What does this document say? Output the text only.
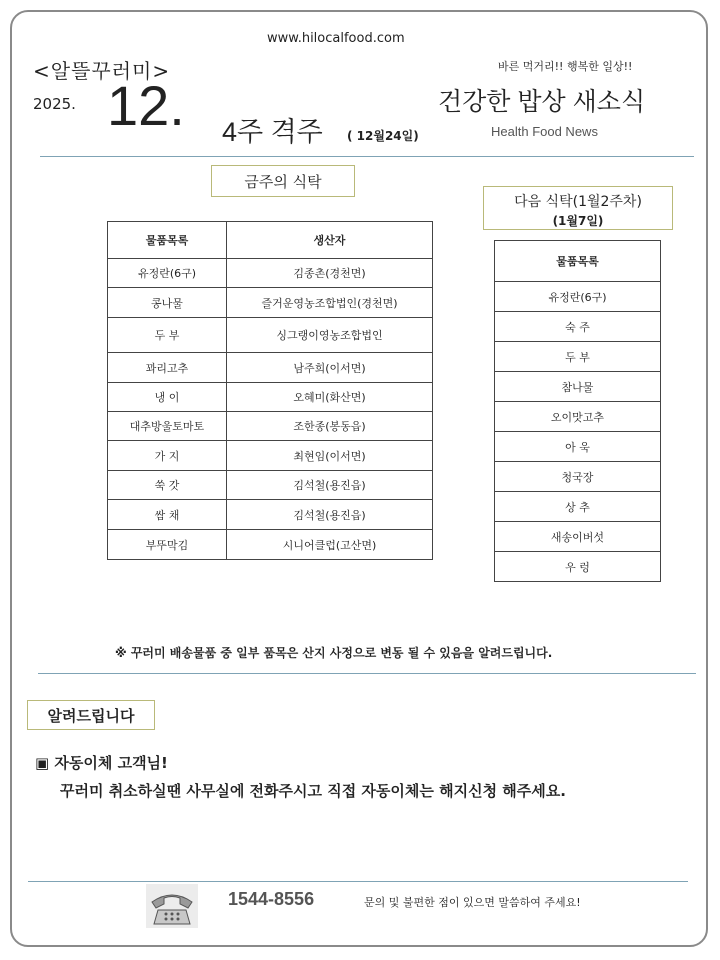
www.hilocalfood.com
<알뜰꾸러미>
2025. 12. 4주 격주 ( 12월24일)
바른 먹거리!! 행복한 일상!!
건강한 밥상 새소식
Health Food News
금주의 식탁
물품목록	생산자
유정란(6구)	김종촌(경천면)
콩나물	즐거운영농조합법인(경천면)
두 부	싱그랭이영농조합법인
꽈리고추	남주희(이서면)
냉 이	오혜미(화산면)
대추방울토마토	조한종(봉동읍)
가 지	최현임(이서면)
쑥 갓	김석철(용진읍)
쌈 채	김석철(용진읍)
부뚜막김	시니어클럽(고산면)
다음 식탁(1월2주차)
(1월7일)
물품목록
유정란(6구)
숙 주
두 부
참나물
오이맛고추
아 욱
청국장
상 추
새송이버섯
우 렁
※ 꾸러미 배송물품 중 일부 품목은 산지 사정으로 변동 될 수 있음을 알려드립니다.
알려드립니다
▣ 자동이체 고객님!
꾸러미 취소하실땐 사무실에 전화주시고 직접 자동이체는 해지신청 해주세요.
1544-8556	문의 및 불편한 점이 있으면 말씀하여 주세요!
